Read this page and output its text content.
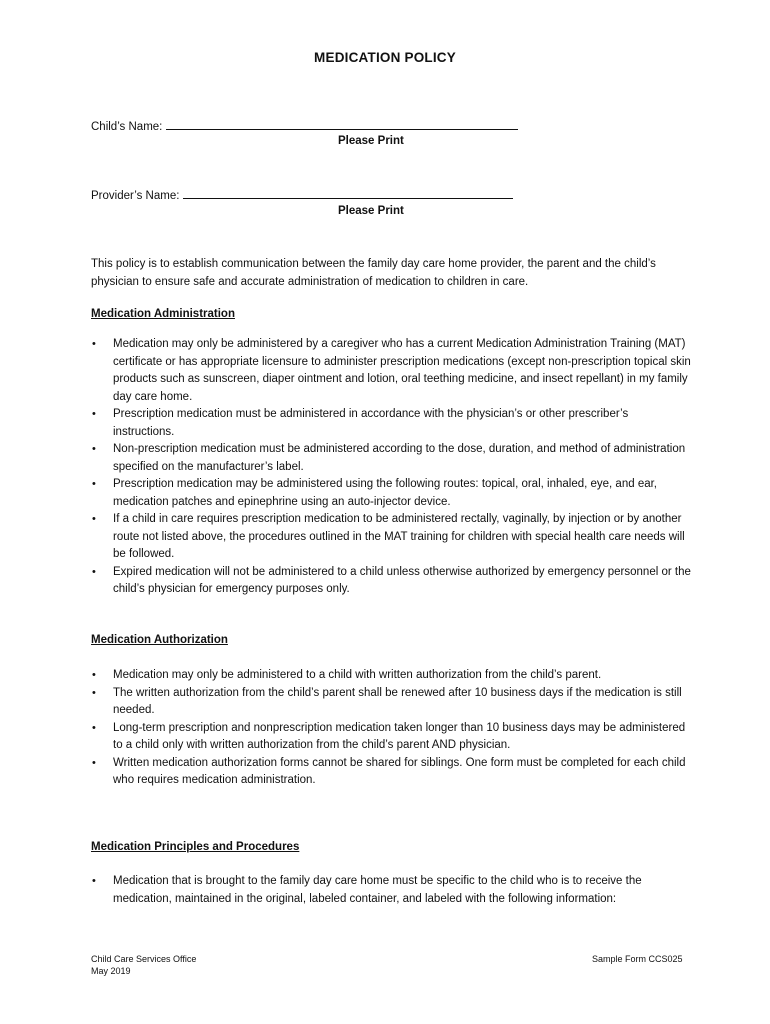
MEDICATION POLICY
Child’s Name:
Please Print
Provider’s Name:
Please Print
This policy is to establish communication between the family day care home provider, the parent and the child’s physician to ensure safe and accurate administration of medication to children in care.
Medication Administration
• Medication may only be administered by a caregiver who has a current Medication Administration Training (MAT) certificate or has appropriate licensure to administer prescription medications (except non-prescription topical skin products such as sunscreen, diaper ointment and lotion, oral teething medicine, and insect repellant) in my family day care home.
• Prescription medication must be administered in accordance with the physician’s or other prescriber’s instructions.
• Non-prescription medication must be administered according to the dose, duration, and method of administration specified on the manufacturer’s label.
• Prescription medication may be administered using the following routes: topical, oral, inhaled, eye, and ear, medication patches and epinephrine using an auto-injector device.
• If a child in care requires prescription medication to be administered rectally, vaginally, by injection or by another route not listed above, the procedures outlined in the MAT training for children with special health care needs will be followed.
• Expired medication will not be administered to a child unless otherwise authorized by emergency personnel or the child’s physician for emergency purposes only.
Medication Authorization
• Medication may only be administered to a child with written authorization from the child’s parent.
• The written authorization from the child’s parent shall be renewed after 10 business days if the medication is still needed.
• Long-term prescription and nonprescription medication taken longer than 10 business days may be administered to a child only with written authorization from the child’s parent AND physician.
• Written medication authorization forms cannot be shared for siblings. One form must be completed for each child who requires medication administration.
Medication Principles and Procedures
• Medication that is brought to the family day care home must be specific to the child who is to receive the medication, maintained in the original, labeled container, and labeled with the following information:
Child Care Services Office
May 2019
Sample Form CCS025
